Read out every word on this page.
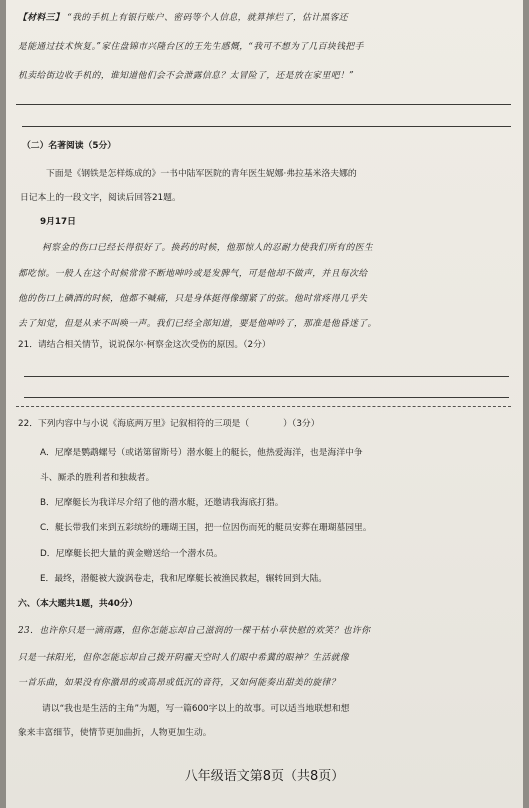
【材料三】 “我的手机上有银行账户、密码等个人信息，就算摔烂了，估计黑客还
是能通过技术恢复。”家住盘锦市兴隆台区的王先生感慨，“我可不想为了几百块钱把手
机卖给街边收手机的，谁知道他们会不会泄露信息？太冒险了，还是放在家里吧！”
（二）名著阅读（5分）
下面是《钢铁是怎样炼成的》一书中陆军医院的青年医生妮娜·弗拉基米洛夫娜的
日记本上的一段文字，阅读后回答21题。
9月17日
柯察金的伤口已经长得很好了。换药的时候，他那惊人的忍耐力使我们所有的医生
都吃惊。一般人在这个时候常常不断地呻吟或是发脾气，可是他却不做声，并且每次给
他的伤口上碘酒的时候，他都不喊痛，只是身体挺得像绷紧了的弦。他时常疼得几乎失
去了知觉，但是从来不叫唤一声。我们已经全部知道，要是他呻吟了，那准是他昏迷了。
21．请结合相关情节，说说保尔·柯察金这次受伤的原因。（2分）
22．下列内容中与小说《海底两万里》记叙相符的三项是（	）（3分）
A．尼摩是鹦鹉螺号（或诺第留斯号）潜水艇上的艇长，他热爱海洋，也是海洋中争
斗、厮杀的胜利者和独裁者。
B．尼摩艇长为我详尽介绍了他的潜水艇，还邀请我海底打猎。
C．艇长带我们来到五彩缤纷的珊瑚王国，把一位因伤而死的艇员安葬在珊瑚墓园里。
D．尼摩艇长把大量的黄金赠送给一个潜水员。
E．最终，潜艇被大漩涡卷走，我和尼摩艇长被渔民救起，辗转回到大陆。
六、（本大题共1题，共40分）
23．也许你只是一滴雨露，但你怎能忘却自己滋润的一棵干枯小草快慰的欢笑？也许你
只是一抹阳光，但你怎能忘却自己拨开阴霾天空时人们眼中希冀的眼神？生活就像
一首乐曲，如果没有你激昂的或高昂或低沉的音符，又如何能奏出甜美的旋律？
请以“我也是生活的主角”为题，写一篇600字以上的故事。可以适当地联想和想
象来丰富细节，使情节更加曲折，人物更加生动。
八年级语文第8页（共8页）
